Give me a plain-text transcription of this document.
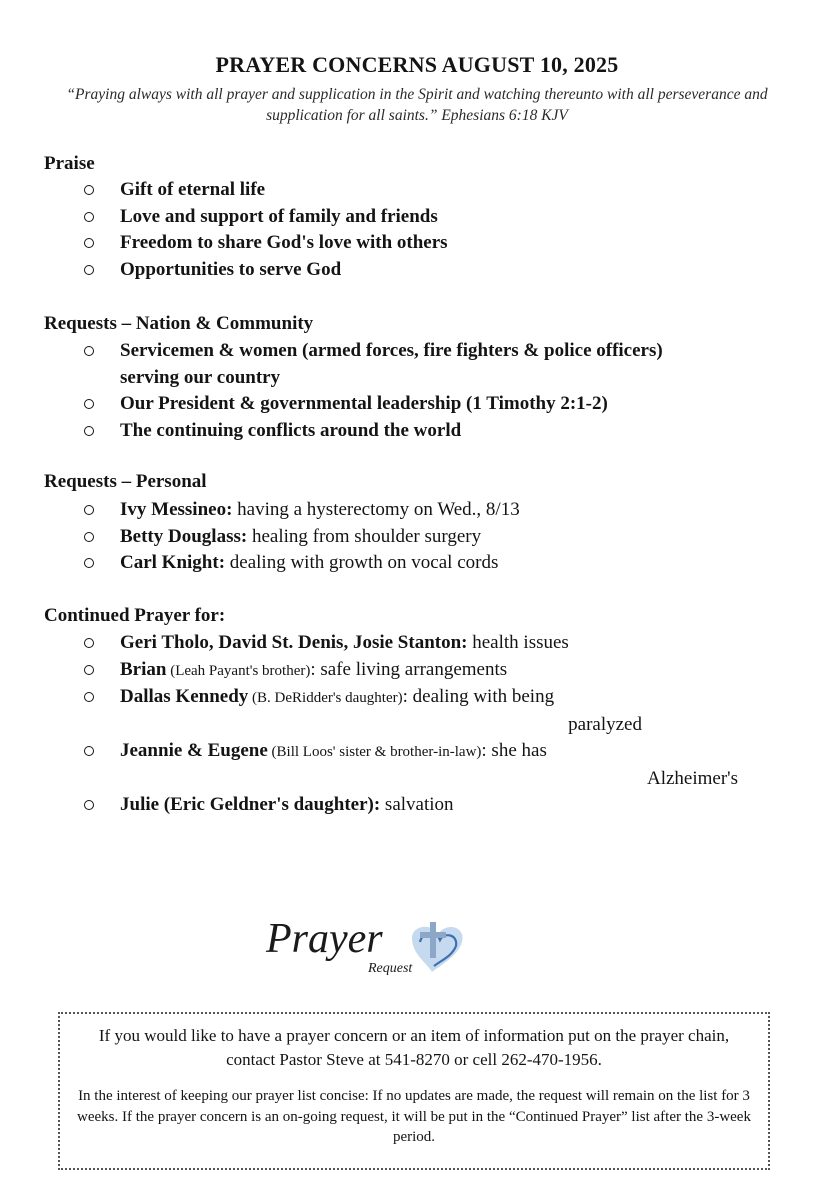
PRAYER CONCERNS AUGUST 10, 2025
“Praying always with all prayer and supplication in the Spirit and watching thereunto with all perseverance and supplication for all saints.” Ephesians 6:18 KJV
Praise
Gift of eternal life
Love and support of family and friends
Freedom to share God's love with others
Opportunities to serve God
Requests – Nation & Community
Servicemen & women (armed forces, fire fighters & police officers) serving our country
Our President & governmental leadership (1 Timothy 2:1-2)
The continuing conflicts around the world
Requests – Personal
Ivy Messineo: having a hysterectomy on Wed., 8/13
Betty Douglass: healing from shoulder surgery
Carl Knight: dealing with growth on vocal cords
Continued Prayer for:
Geri Tholo, David St. Denis, Josie Stanton: health issues
Brian (Leah Payant's brother): safe living arrangements
Dallas Kennedy (B. DeRidder's daughter): dealing with being
paralyzed
Jeannie & Eugene (Bill Loos' sister & brother-in-law): she has
Alzheimer's
Julie (Eric Geldner's daughter): salvation
Prayer
Request
If you would like to have a prayer concern or an item of information put on the prayer chain, contact Pastor Steve at 541-8270 or cell 262-470-1956.
In the interest of keeping our prayer list concise: If no updates are made, the request will remain on the list for 3 weeks. If the prayer concern is an on-going request, it will be put in the “Continued Prayer” list after the 3-week period.
